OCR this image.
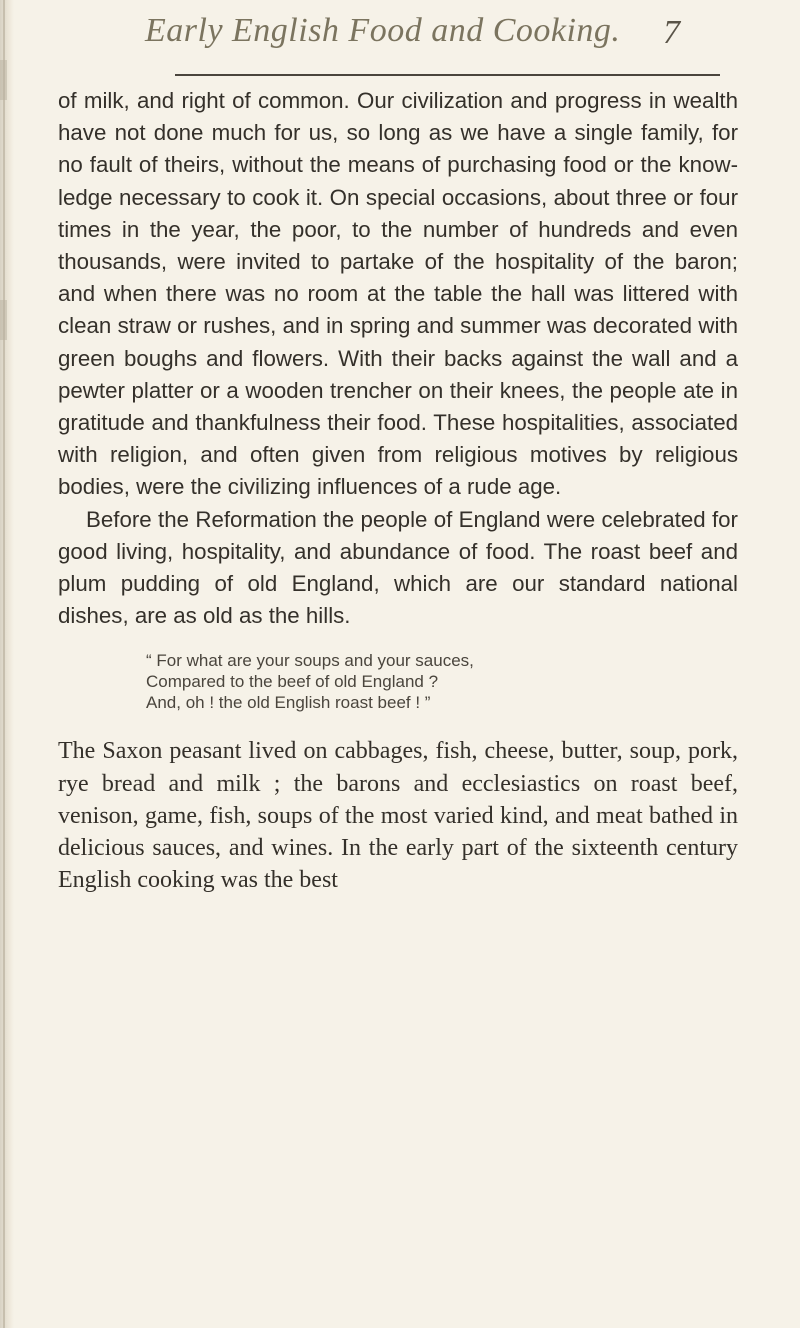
Early English Food and Cooking. 7

of milk, and right of common. Our civilization and progress in wealth have not done much for us, so long as we have a single family, for no fault of theirs, without the means of purchasing food or the know-ledge necessary to cook it. On special occasions, about three or four times in the year, the poor, to the number of hundreds and even thousands, were invited to partake of the hospitality of the baron; and when there was no room at the table the hall was littered with clean straw or rushes, and in spring and summer was decorated with green boughs and flowers. With their backs against the wall and a pewter platter or a wooden trencher on their knees, the people ate in gratitude and thankfulness their food. These hospitalities, associated with religion, and often given from religious motives by religious bodies, were the civilizing influences of a rude age.

Before the Reformation the people of England were celebrated for good living, hospitality, and abundance of food. The roast beef and plum pudding of old England, which are our standard national dishes, are as old as the hills.

“ For what are your soups and your sauces,
Compared to the beef of old England ?
And, oh ! the old English roast beef ! ”

The Saxon peasant lived on cabbages, fish, cheese, butter, soup, pork, rye bread and milk ; the barons and ecclesiastics on roast beef, venison, game, fish, soups of the most varied kind, and meat bathed in delicious sauces, and wines. In the early part of the sixteenth century English cooking was the best
